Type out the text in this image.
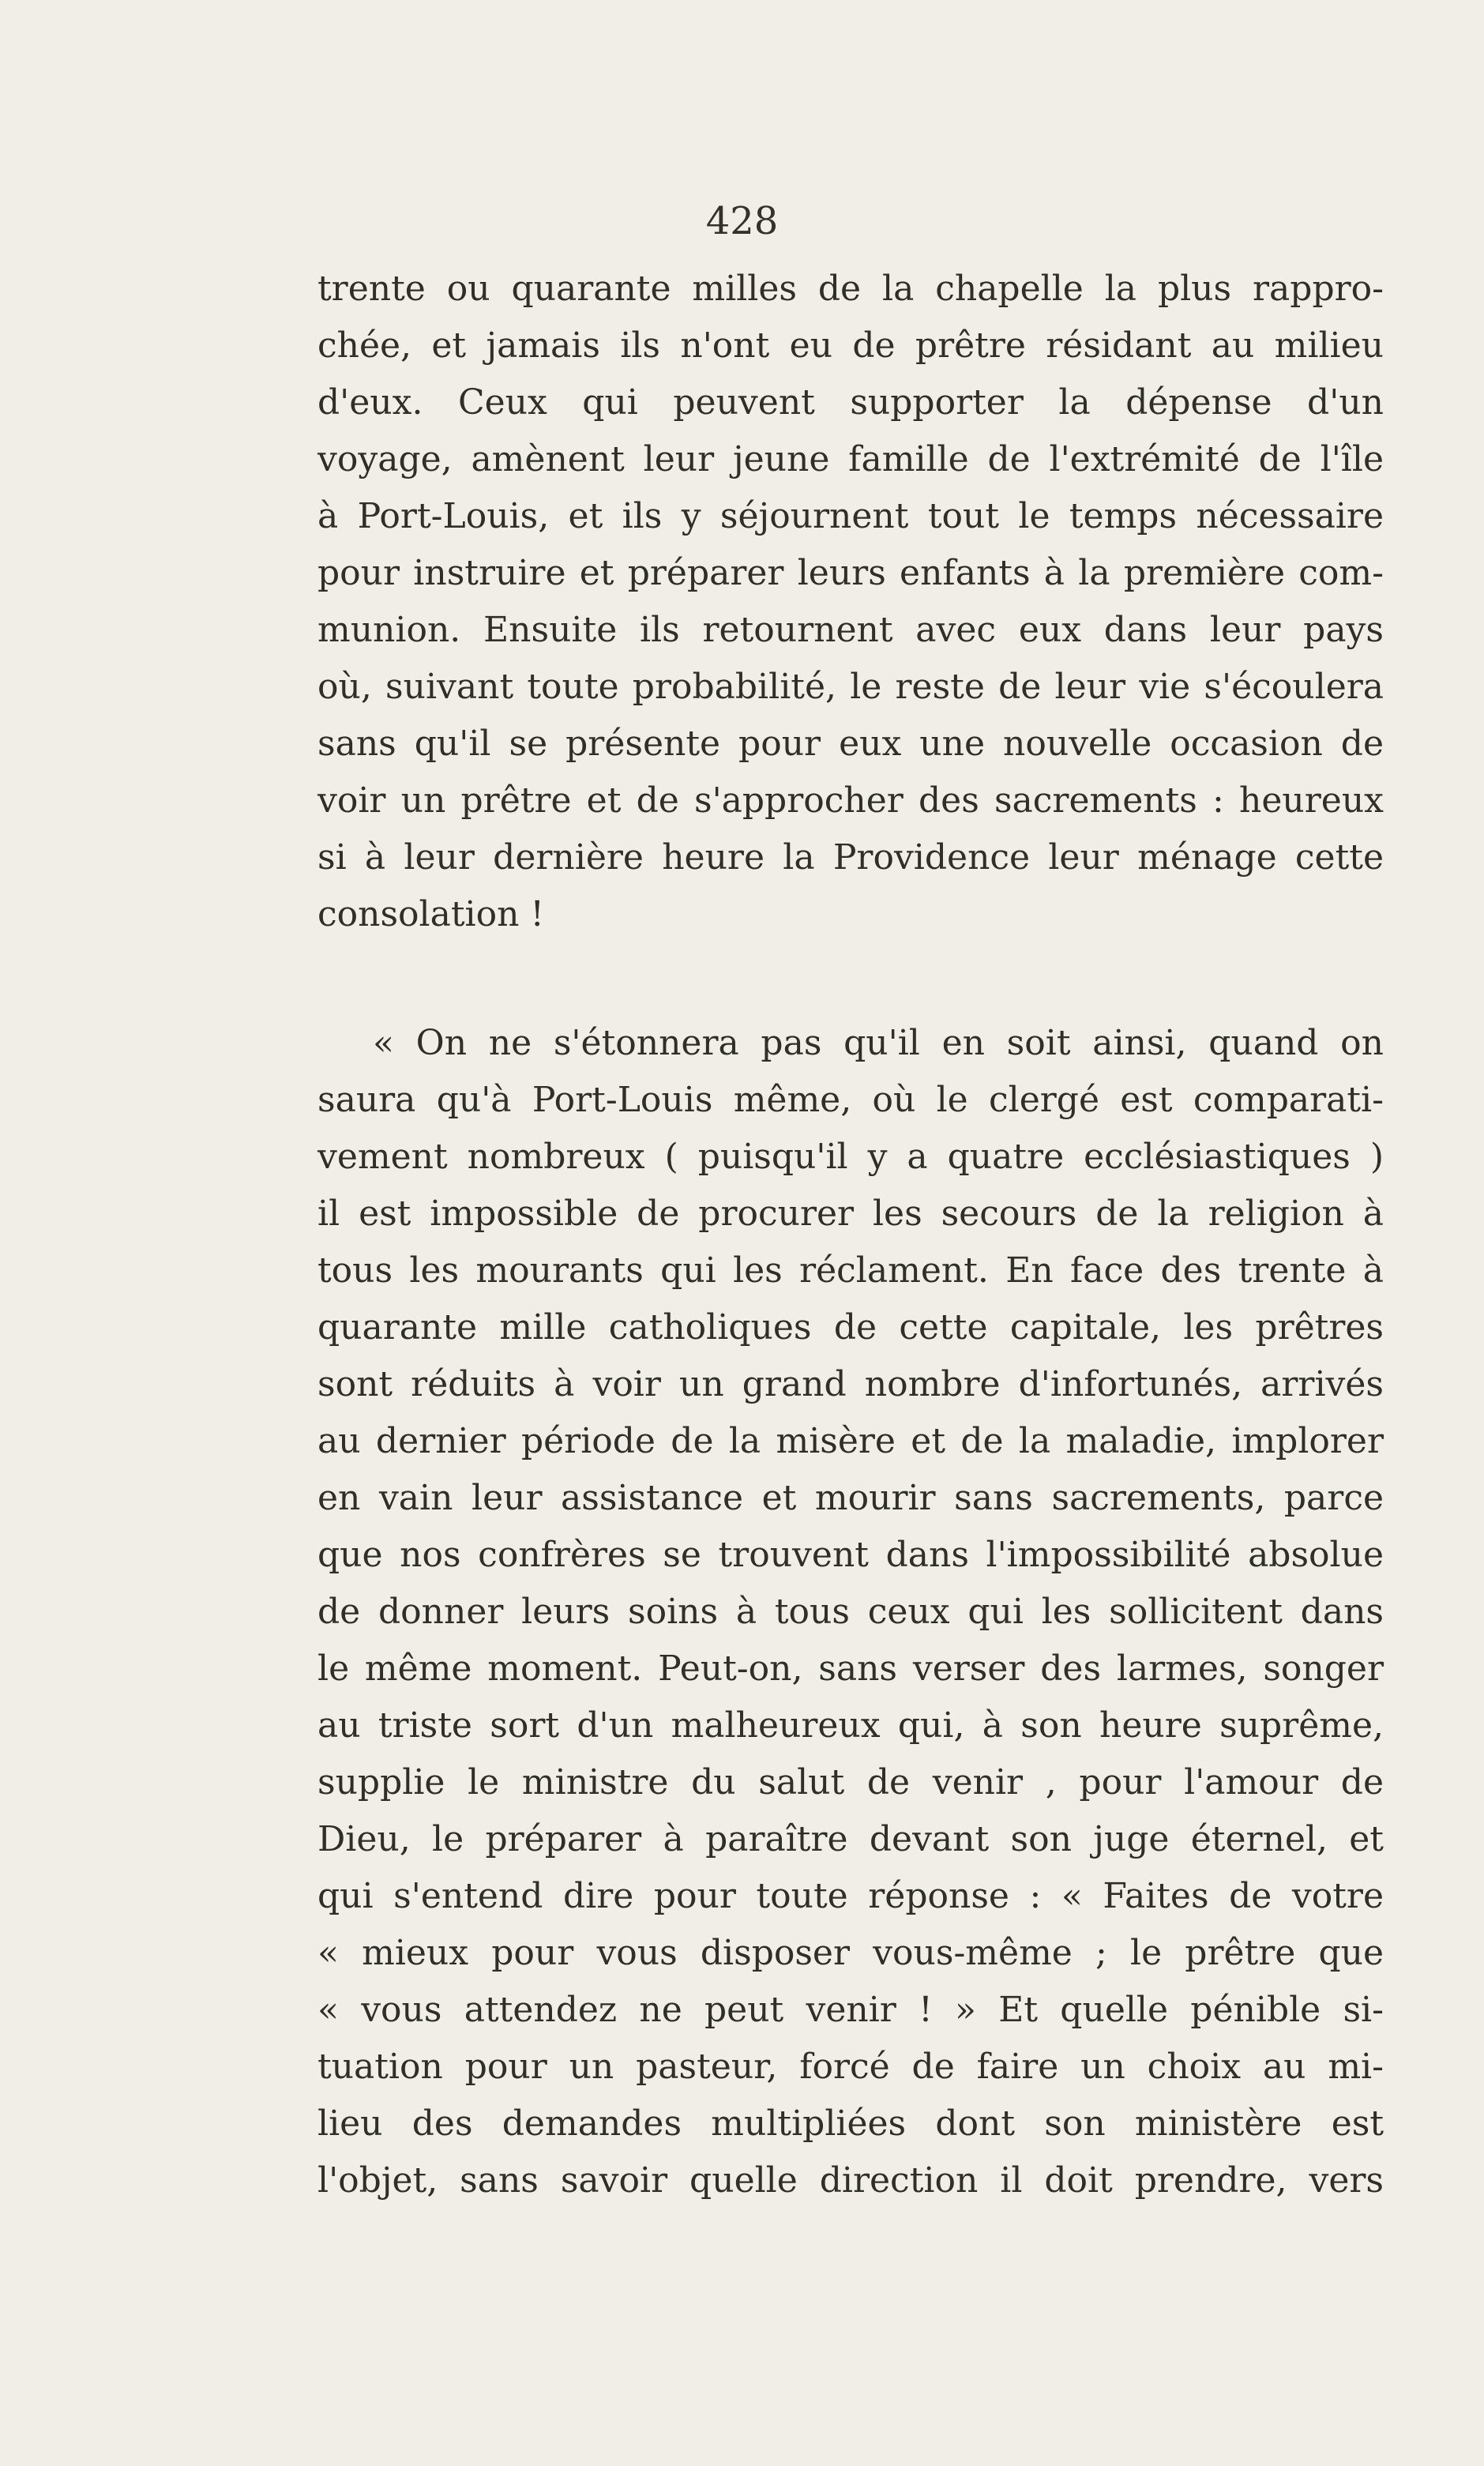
428
trente ou quarante milles de la chapelle la plus rappro-
chée, et jamais ils n'ont eu de prêtre résidant au milieu
d'eux. Ceux qui peuvent supporter la dépense d'un
voyage, amènent leur jeune famille de l'extrémité de l'île
à Port-Louis, et ils y séjournent tout le temps nécessaire
pour instruire et préparer leurs enfants à la première com-
munion. Ensuite ils retournent avec eux dans leur pays
où, suivant toute probabilité, le reste de leur vie s'écoulera
sans qu'il se présente pour eux une nouvelle occasion de
voir un prêtre et de s'approcher des sacrements : heureux
si à leur dernière heure la Providence leur ménage cette
consolation !
« On ne s'étonnera pas qu'il en soit ainsi, quand on
saura qu'à Port-Louis même, où le clergé est comparati-
vement nombreux ( puisqu'il y a quatre ecclésiastiques )
il est impossible de procurer les secours de la religion à
tous les mourants qui les réclament. En face des trente à
quarante mille catholiques de cette capitale, les prêtres
sont réduits à voir un grand nombre d'infortunés, arrivés
au dernier période de la misère et de la maladie, implorer
en vain leur assistance et mourir sans sacrements, parce
que nos confrères se trouvent dans l'impossibilité absolue
de donner leurs soins à tous ceux qui les sollicitent dans
le même moment. Peut-on, sans verser des larmes, songer
au triste sort d'un malheureux qui, à son heure suprême,
supplie le ministre du salut de venir , pour l'amour de
Dieu, le préparer à paraître devant son juge éternel, et
qui s'entend dire pour toute réponse : « Faites de votre
« mieux pour vous disposer vous-même ; le prêtre que
« vous attendez ne peut venir ! » Et quelle pénible si-
tuation pour un pasteur, forcé de faire un choix au mi-
lieu des demandes multipliées dont son ministère est
l'objet, sans savoir quelle direction il doit prendre, vers
